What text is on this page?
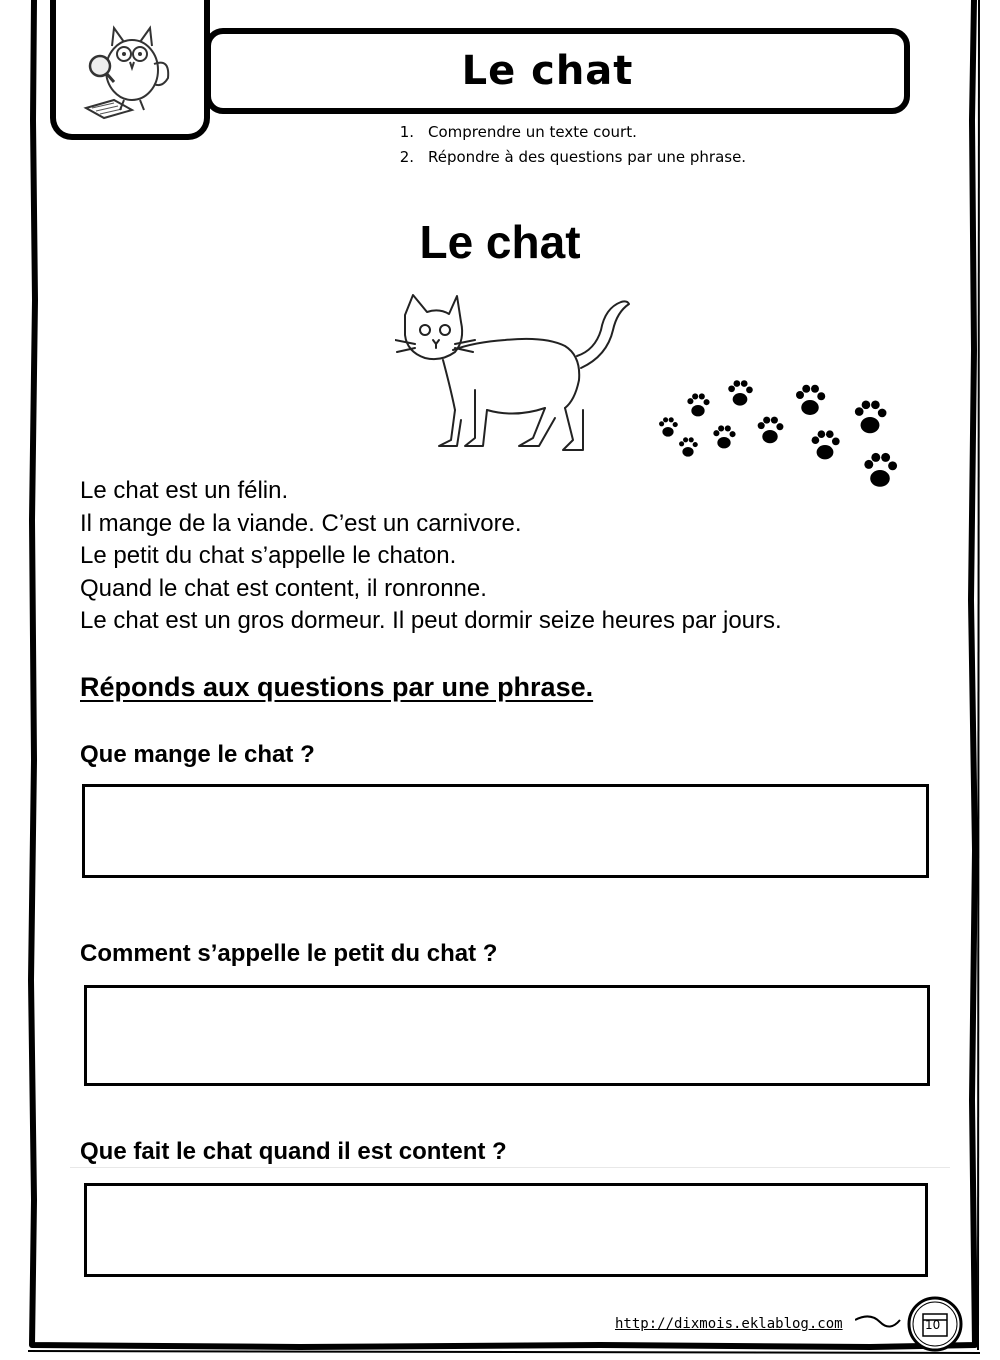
Le chat
1. Comprendre un texte court.
2. Répondre à des questions par une phrase.
Le chat

Le chat est un félin.

Il mange de la viande. C’est un carnivore.

Le petit du chat s’appelle le chaton.

Quand le chat est content, il ronronne.

Le chat est un gros dormeur. Il peut dormir seize heures par jours.

Réponds aux questions par une phrase.

Que mange le chat ?

Comment s’appelle le petit du chat ?

Que fait le chat quand il est content ?

http://dixmois.eklablog.com	10
